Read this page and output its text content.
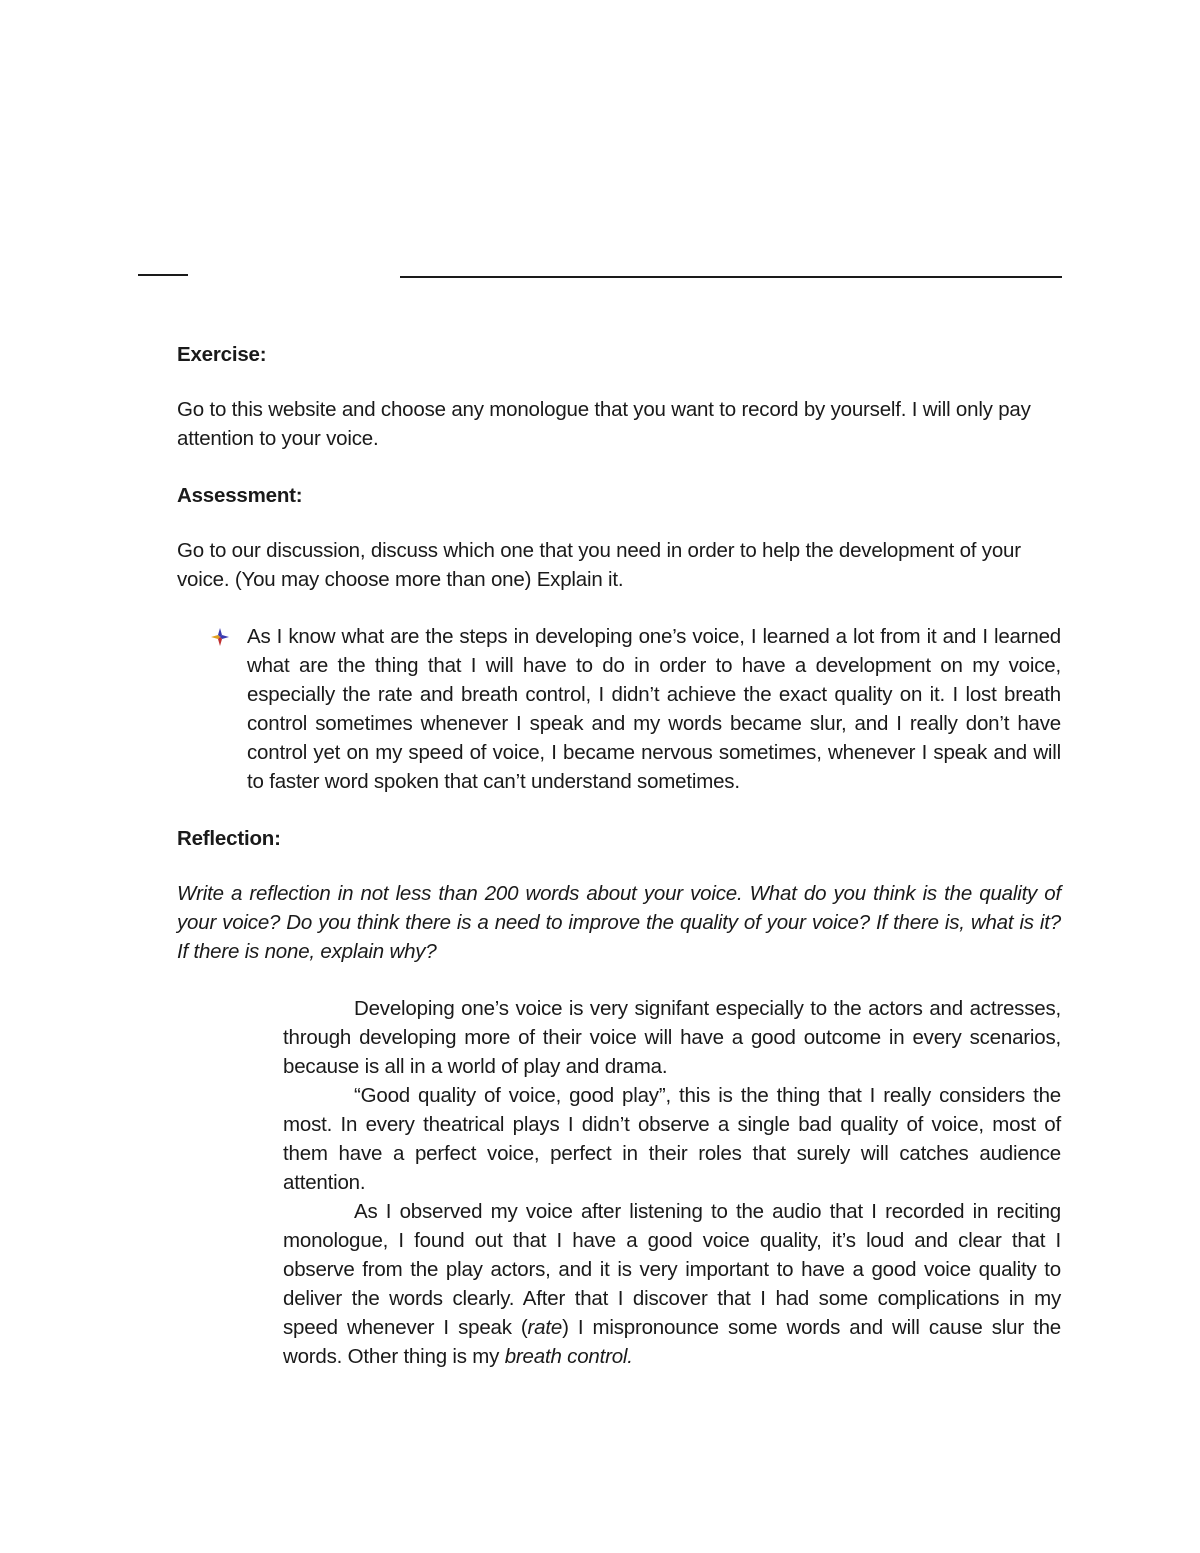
Exercise:

Go to this website and choose any monologue that you want to record by yourself. I will only pay attention to your voice.

Assessment:

Go to our discussion, discuss which one that you need in order to help the development of your voice. (You may choose more than one) Explain it.

As I know what are the steps in developing one’s voice, I learned a lot from it and I learned what are the thing that I will have to do in order to have a development on my voice, especially the rate and breath control, I didn’t achieve the exact quality on it. I lost breath control sometimes whenever I speak and my words became slur, and I really don’t have control yet on my speed of voice, I became nervous sometimes, whenever I speak and will to faster word spoken that can’t understand sometimes.

Reflection:

Write a reflection in not less than 200 words about your voice. What do you think is the quality of your voice? Do you think there is a need to improve the quality of your voice? If there is, what is it? If there is none, explain why?

Developing one’s voice is very signifant especially to the actors and actresses, through developing more of their voice will have a good outcome in every scenarios, because is all in a world of play and drama.

“Good quality of voice, good play”, this is the thing that I really considers the most. In every theatrical plays I didn’t observe a single bad quality of voice, most of them have a perfect voice, perfect in their roles that surely will catches audience attention.

As I observed my voice after listening to the audio that I recorded in reciting monologue, I found out that I have a good voice quality, it’s loud and clear that I observe from the play actors, and it is very important to have a good voice quality to deliver the words clearly. After that I discover that I had some complications in my speed whenever I speak (rate) I mispronounce some words and will cause slur the words. Other thing is my breath control.
